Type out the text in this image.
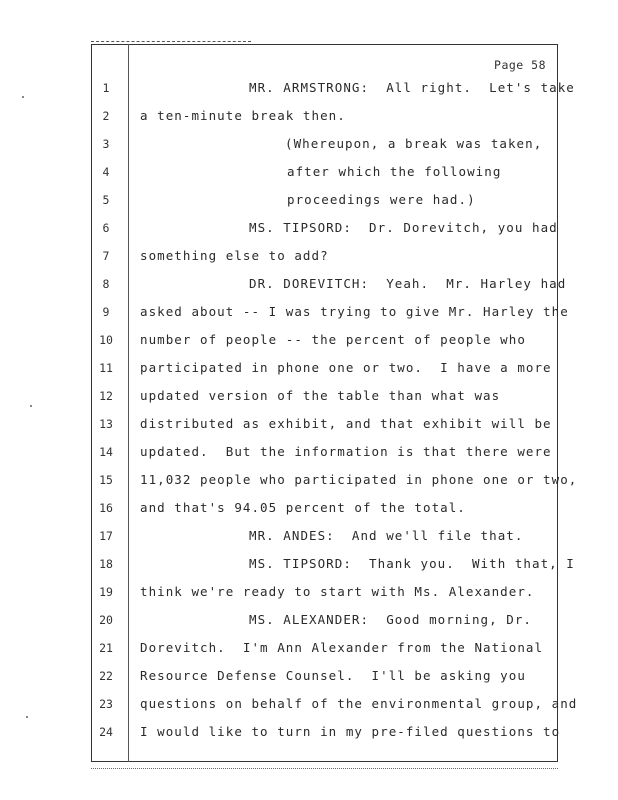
Page 58
1	MR. ARMSTRONG:  All right.  Let's take
2	a ten-minute break then.
3	(Whereupon, a break was taken,
4	after which the following
5	proceedings were had.)
6	MS. TIPSORD:  Dr. Dorevitch, you had
7	something else to add?
8	DR. DOREVITCH:  Yeah.  Mr. Harley had
9	asked about -- I was trying to give Mr. Harley the
10 number of people -- the percent of people who
11 participated in phone one or two.  I have a more
12 updated version of the table than what was
13 distributed as exhibit, and that exhibit will be
14 updated.  But the information is that there were
15 11,032 people who participated in phone one or two,
16 and that's 94.05 percent of the total.
17	MR. ANDES:  And we'll file that.
18	MS. TIPSORD:  Thank you.  With that, I
19 think we're ready to start with Ms. Alexander.
20	MS. ALEXANDER:  Good morning, Dr.
21 Dorevitch.  I'm Ann Alexander from the National
22 Resource Defense Counsel.  I'll be asking you
23 questions on behalf of the environmental group, and
24 I would like to turn in my pre-filed questions to
